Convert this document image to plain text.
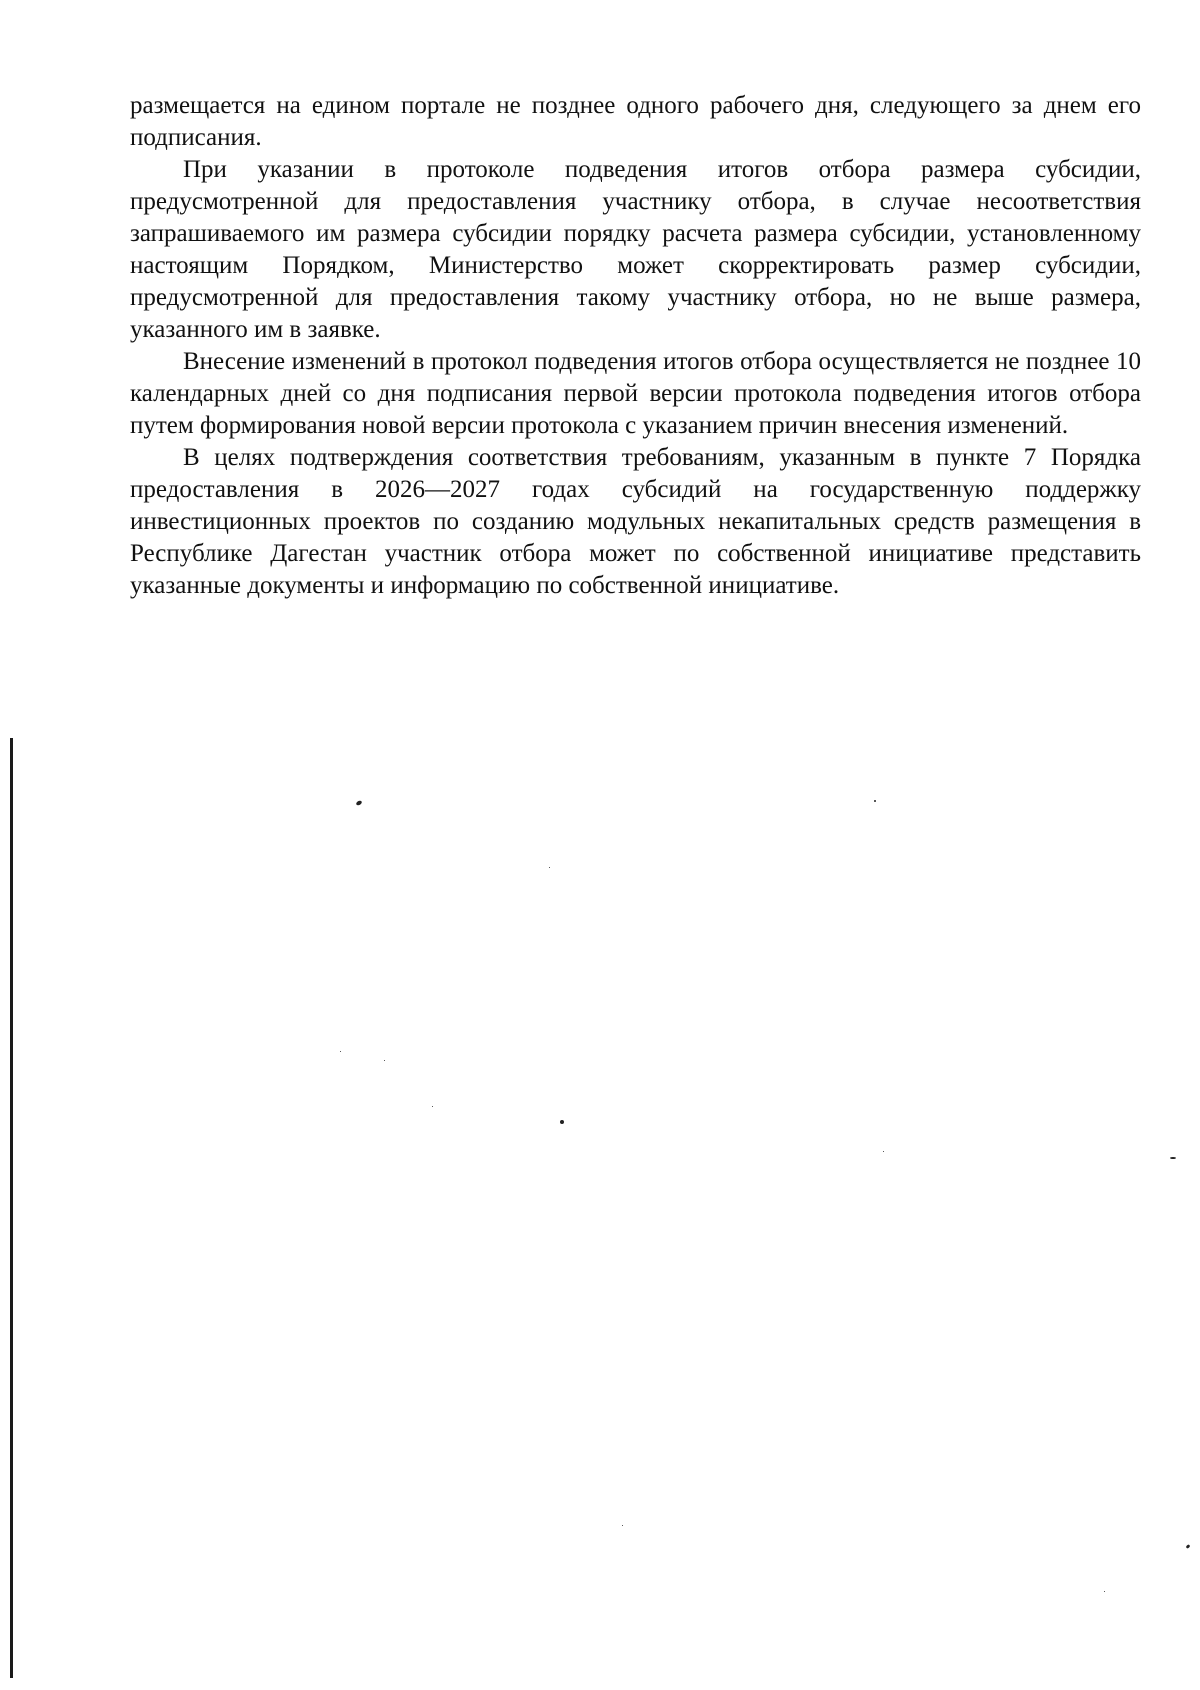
размещается на едином портале не позднее одного рабочего дня, следующего за днем его подписания.

При указании в протоколе подведения итогов отбора размера субсидии, предусмотренной для предоставления участнику отбора, в случае несоответствия запрашиваемого им размера субсидии порядку расчета размера субсидии, установленному настоящим Порядком, Министерство может скорректировать размер субсидии, предусмотренной для предоставления такому участнику отбора, но не выше размера, указанного им в заявке.

Внесение изменений в протокол подведения итогов отбора осуществляется не позднее 10 календарных дней со дня подписания первой версии протокола подведения итогов отбора путем формирования новой версии протокола с указанием причин внесения изменений.

В целях подтверждения соответствия требованиям, указанным в пункте 7 Порядка предоставления в 2026—2027 годах субсидий на государственную поддержку инвестиционных проектов по созданию модульных некапитальных средств размещения в Республике Дагестан участник отбора может по собственной инициативе представить указанные документы и информацию по собственной инициативе.
